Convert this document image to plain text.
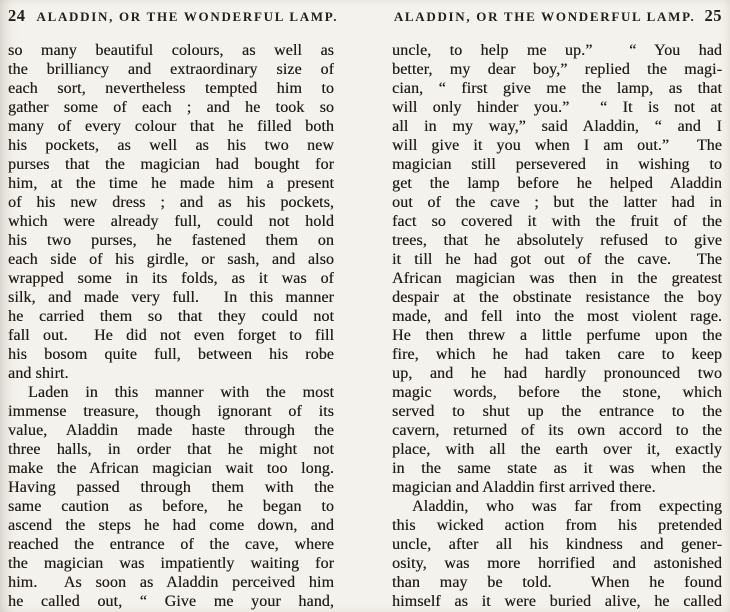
24 ALADDIN, OR THE WONDERFUL LAMP.
so many beautiful colours, as well as
the brilliancy and extraordinary size of
each sort, nevertheless tempted him to
gather some of each ; and he took so
many of every colour that he filled both
his pockets, as well as his two new
purses that the magician had bought for
him, at the time he made him a present
of his new dress ; and as his pockets,
which were already full, could not hold
his two purses, he fastened them on
each side of his girdle, or sash, and also
wrapped some in its folds, as it was of
silk, and made very full.  In this manner
he carried them so that they could not
fall out.  He did not even forget to fill
his bosom quite full, between his robe
and shirt.
Laden in this manner with the most
immense treasure, though ignorant of its
value, Aladdin made haste through the
three halls, in order that he might not
make the African magician wait too long.
Having passed through them with the
same caution as before, he began to
ascend the steps he had come down, and
reached the entrance of the cave, where
the magician was impatiently waiting for
him.  As soon as Aladdin perceived him
he called out, “ Give me your hand,
ALADDIN, OR THE WONDERFUL LAMP. 25
uncle, to help me up.”  “ You had
better, my dear boy,” replied the magi-
cian, “ first give me the lamp, as that
will only hinder you.”  “ It is not at
all in my way,” said Aladdin, “ and I
will give it you when I am out.”  The
magician still persevered in wishing to
get the lamp before he helped Aladdin
out of the cave ; but the latter had in
fact so covered it with the fruit of the
trees, that he absolutely refused to give
it till he had got out of the cave.  The
African magician was then in the greatest
despair at the obstinate resistance the boy
made, and fell into the most violent rage.
He then threw a little perfume upon the
fire, which he had taken care to keep
up, and he had hardly pronounced two
magic words, before the stone, which
served to shut up the entrance to the
cavern, returned of its own accord to the
place, with all the earth over it, exactly
in the same state as it was when the
magician and Aladdin first arrived there.
Aladdin, who was far from expecting
this wicked action from his pretended
uncle, after all his kindness and gener-
osity, was more horrified and astonished
than may be told.  When he found
himself as it were buried alive, he called
